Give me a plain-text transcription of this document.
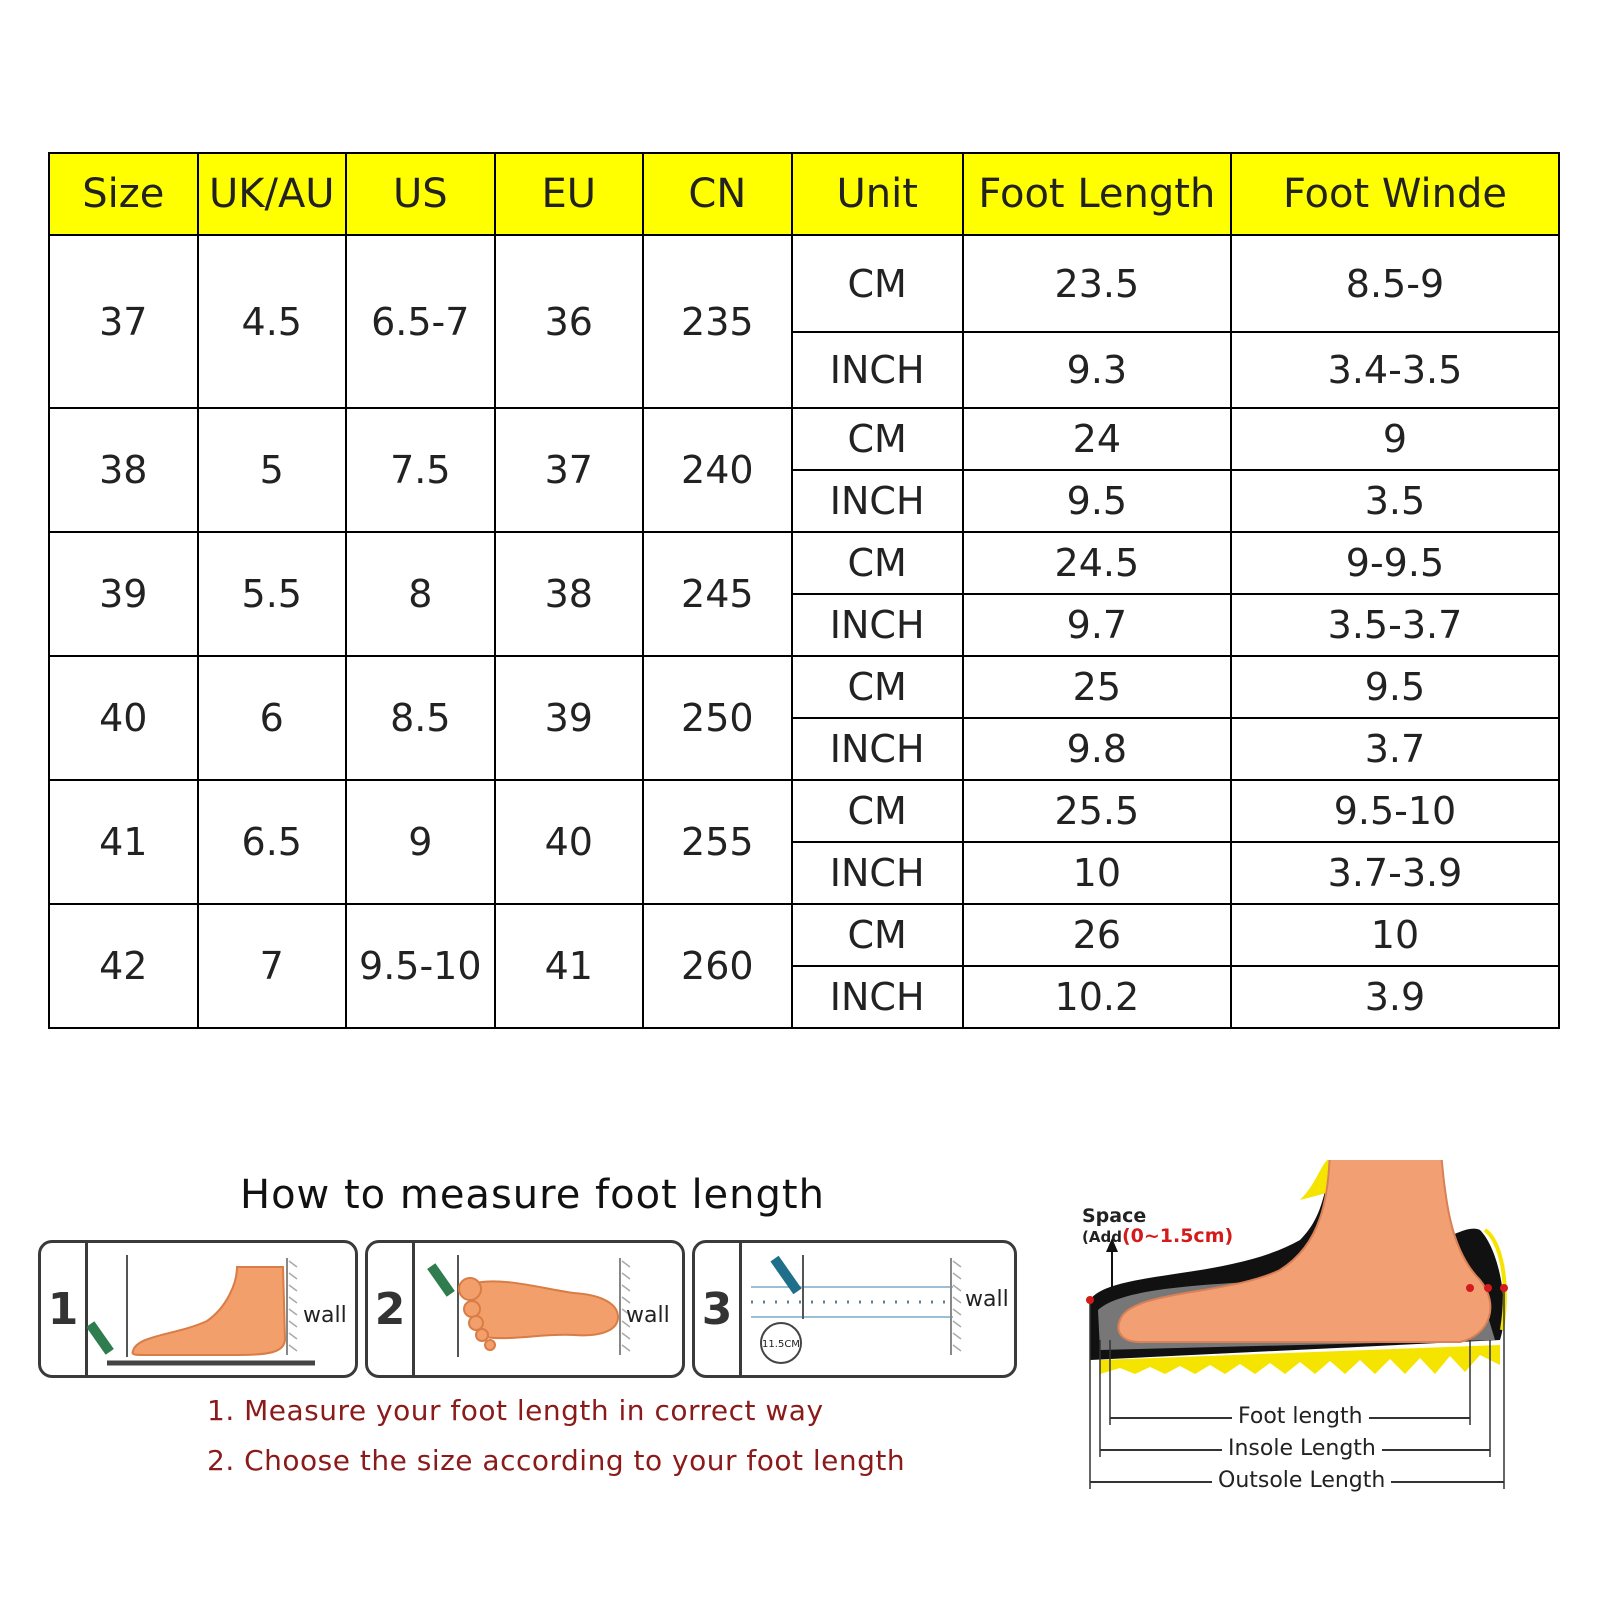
Size	UK/AU	US	EU	CN	Unit	Foot Length	Foot Winde
37	4.5	6.5-7	36	235	CM	23.5	8.5-9
					INCH	9.3	3.4-3.5
38	5	7.5	37	240	CM	24	9
					INCH	9.5	3.5
39	5.5	8	38	245	CM	24.5	9-9.5
					INCH	9.7	3.5-3.7
40	6	8.5	39	250	CM	25	9.5
					INCH	9.8	3.7
41	6.5	9	40	255	CM	25.5	9.5-10
					INCH	10	3.7-3.9
42	7	9.5-10	41	260	CM	26	10
					INCH	10.2	3.9
How to measure foot length
1	wall 2	wall 3
11.5CM
wall
1. Measure your foot length in correct way
2. Choose the size according to your foot length
Space
(Add(0~1.5cm)
Foot length
Insole Length
Outsole Length
